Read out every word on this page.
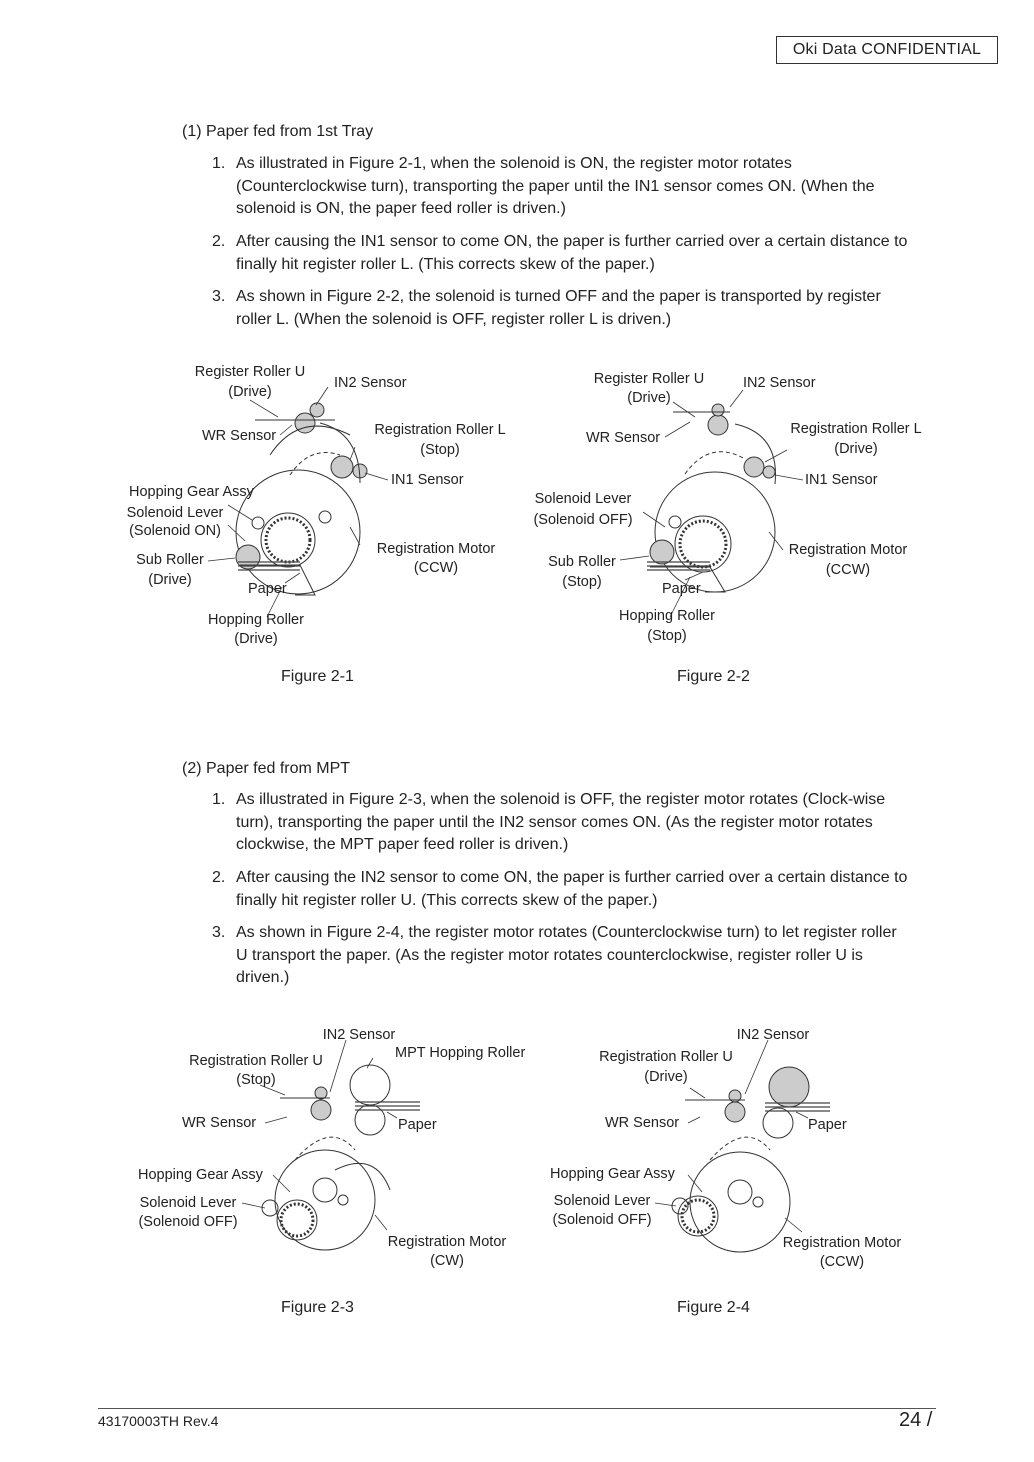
Oki Data CONFIDENTIAL
(1) Paper fed from 1st Tray
1. As illustrated in Figure 2-1, when the solenoid is ON, the register motor rotates (Counterclockwise turn), transporting the paper until the IN1 sensor comes ON. (When the solenoid is ON, the paper feed roller is driven.)
2. After causing the IN1 sensor to come ON, the paper is further carried over a certain distance to finally hit register roller L. (This corrects skew of the paper.)
3. As shown in Figure 2-2, the solenoid is turned OFF and the paper is transported by register roller L. (When the solenoid is OFF, register roller L is driven.)
Register Roller U
(Drive)
IN2 Sensor
WR Sensor	Registration Roller L
(Stop)
IN1 Sensor
Hopping Gear Assy
Solenoid Lever
(Solenoid ON)
Sub Roller
(Drive)
Paper
Registration Motor
(CCW)
Hopping Roller
(Drive)
Figure 2-1
Register Roller U
(Drive)
IN2 Sensor
WR Sensor
Registration Roller L
(Drive)
IN1 Sensor
Solenoid Lever
(Solenoid OFF)
Sub Roller
(Stop)	Paper
Registration Motor
(CCW)
Hopping Roller
(Stop)
Figure 2-2
(2) Paper fed from MPT
1. As illustrated in Figure 2-3, when the solenoid is OFF, the register motor rotates (Clock-wise turn), transporting the paper until the IN2 sensor comes ON. (As the register motor rotates clockwise, the MPT paper feed roller is driven.)
2. After causing the IN2 sensor to come ON, the paper is further carried over a certain distance to finally hit register roller U. (This corrects skew of the paper.)
3. As shown in Figure 2-4, the register motor rotates (Counterclockwise turn) to let register roller U transport the paper. (As the register motor rotates counterclockwise, register roller U is driven.)
IN2 Sensor
MPT Hopping Roller
Registration Roller U
(Stop)
WR Sensor	Paper
Hopping Gear Assy
Solenoid Lever
(Solenoid OFF)
Registration Motor
(CW)
Figure 2-3
IN2 Sensor
Registration Roller U
(Drive)
WR Sensor	Paper
Hopping Gear Assy
Solenoid Lever
(Solenoid OFF)
Registration Motor
(CCW)
Figure 2-4
43170003TH Rev.4	24 /
